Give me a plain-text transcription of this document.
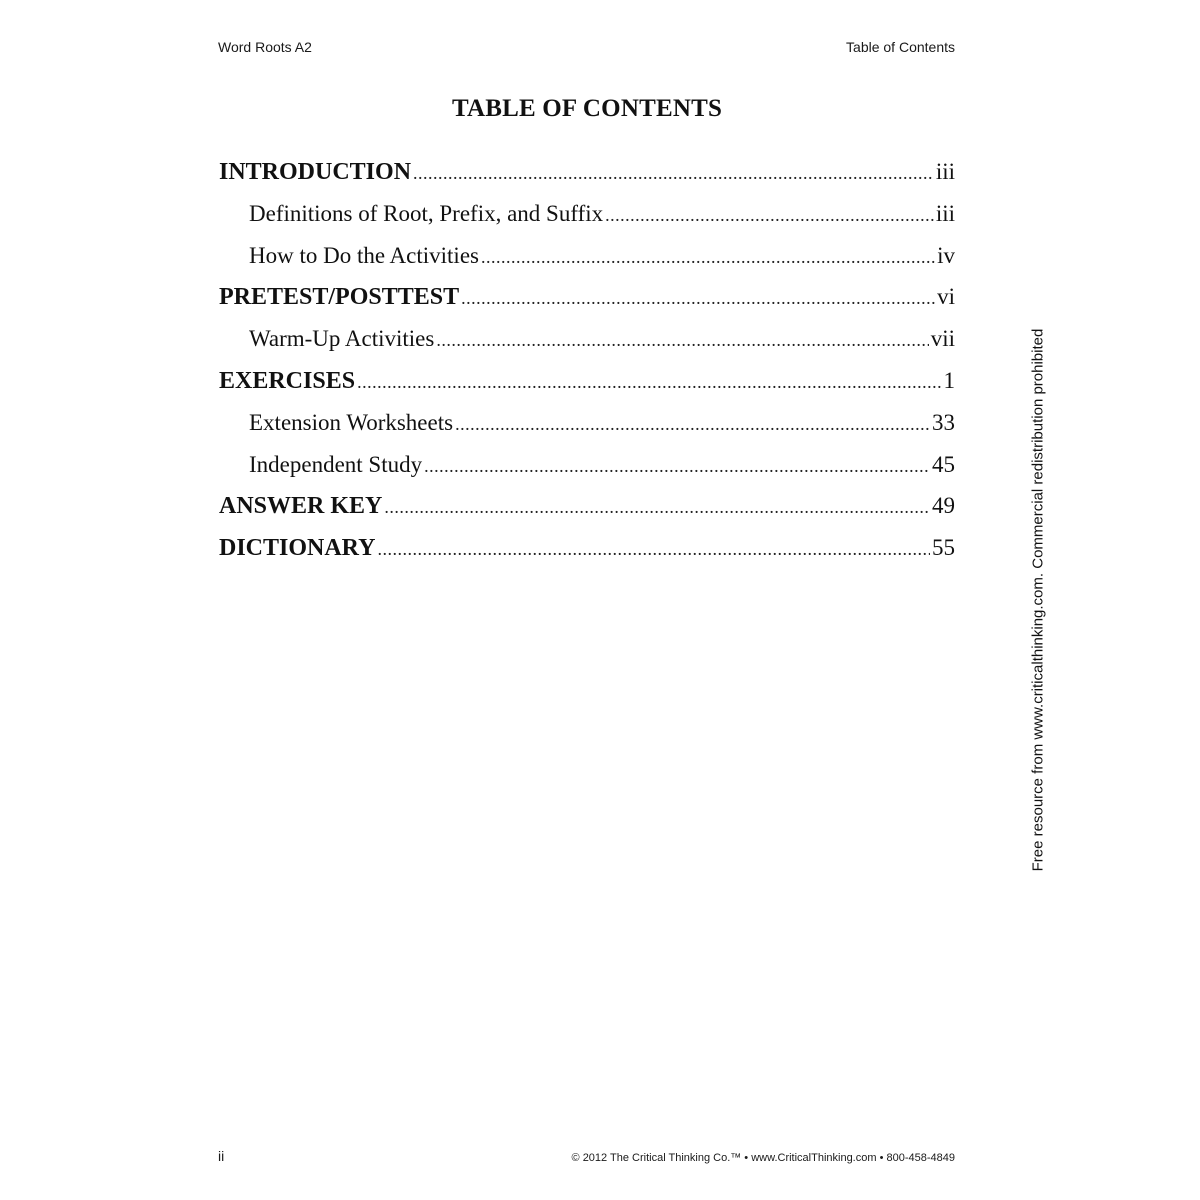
Word Roots A2	Table of Contents
TABLE OF CONTENTS
INTRODUCTION .....	iii
Definitions of Root, Prefix, and Suffix .....	iii
How to Do the Activities .....	iv
PRETEST/POSTTEST .....	vi
Warm-Up Activities .....	vii
EXERCISES .....	1
Extension Worksheets .....	33
Independent Study .....	45
ANSWER KEY .....	49
DICTIONARY .....	55	Free resource from www.criticalthinking.com. Commercial redistribution prohibited
ii	© 2012 The Critical Thinking Co.™ • www.CriticalThinking.com • 800-458-4849
